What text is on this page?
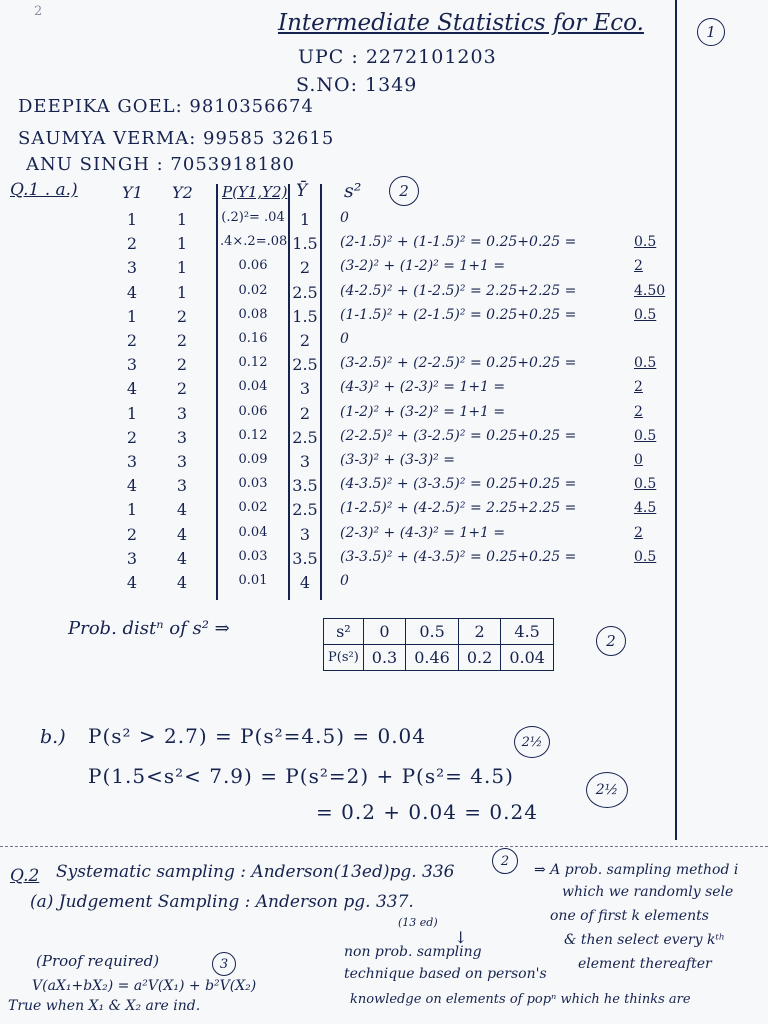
2	Intermediate Statistics for Eco.
UPC : 2272101203
S.NO: 1349
1
DEEPIKA GOEL: 9810356674
SAUMYA VERMA: 99585 32615
ANU SINGH : 7053918180
Q.1 . a.)	Y1 Y2 P(Y1,Y2) Ȳ s²	2
1	1	(.2)²= .04 1	0
2	1	.4×.2=.08 1.5 (2-1.5)² + (1-1.5)² = 0.25+0.25 =	0.5
3	1	0.06	2	(3-2)² + (1-2)² = 1+1 =	2
4	1	0.02	2.5 (4-2.5)² + (1-2.5)² = 2.25+2.25 =	4.50
1	2	0.08	1.5 (1-1.5)² + (2-1.5)² = 0.25+0.25 =	0.5
2	2	0.16	2	0
3	2	0.12	2.5 (3-2.5)² + (2-2.5)² = 0.25+0.25 =	0.5
4	2	0.04	3	(4-3)² + (2-3)² = 1+1 =	2
1	3	0.06	2	(1-2)² + (3-2)² = 1+1 =	2
2	3	0.12	2.5 (2-2.5)² + (3-2.5)² = 0.25+0.25 =	0.5
3	3	0.09	3	(3-3)² + (3-3)² =	0
4	3	0.03	3.5 (4-3.5)² + (3-3.5)² = 0.25+0.25 =	0.5
1	4	0.02	2.5 (1-2.5)² + (4-2.5)² = 2.25+2.25 =	4.5
2	4	0.04	3	(2-3)² + (4-3)² = 1+1 =	2
3	4	0.03	3.5 (3-3.5)² + (4-3.5)² = 0.25+0.25 =	0.5
4	4	0.01	4	0
Prob. distⁿ of s² ⇒	s²	0	0.5	2	4.5
P(s²)	0.3	0.46	0.2	0.04
2
b.) P(s² > 2.7) = P(s²=4.5) = 0.04	2½
P(1.5<s²< 7.9) = P(s²=2) + P(s²= 4.5)
2½
= 0.2 + 0.04 = 0.24
Q.2 Systematic sampling : Anderson(13ed)pg. 336
2
(a) Judgement Sampling : Anderson pg. 337.
(13 ed)
⇒ A prob. sampling method i
which we randomly sele
one of first k elements
& then select every kᵗʰ
element thereafter
↓
non prob. sampling
technique based on person's
knowledge on elements of popⁿ which he thinks are
(Proof required)	3
V(aX₁+bX₂) = a²V(X₁) + b²V(X₂)
True when X₁ & X₂ are ind.
